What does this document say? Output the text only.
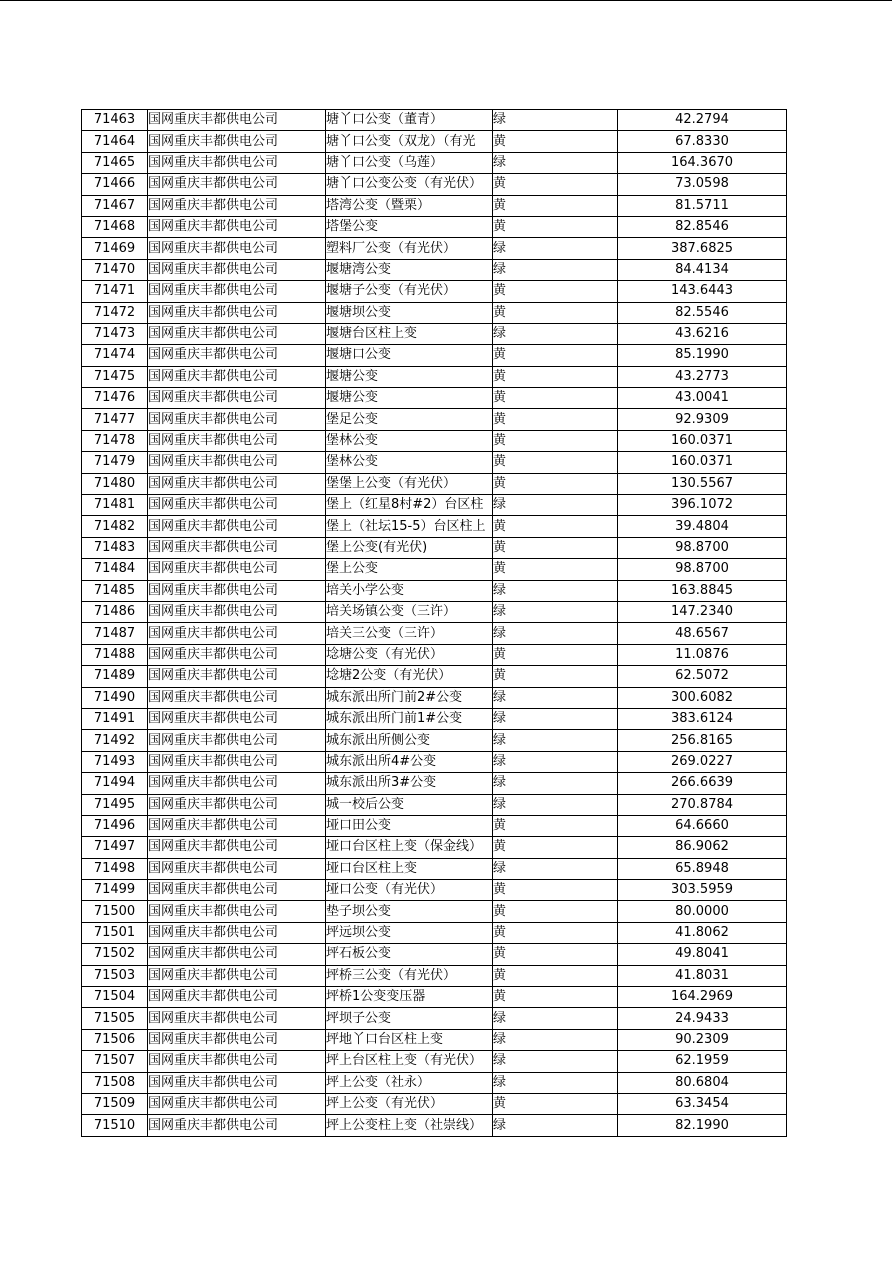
71463	国网重庆丰都供电公司	塘丫口公变（董青）	绿	42.2794
71464	国网重庆丰都供电公司	塘丫口公变（双龙）（有光	黄	67.8330
71465	国网重庆丰都供电公司	塘丫口公变（乌莲）	绿	164.3670
71466	国网重庆丰都供电公司	塘丫口公变公变（有光伏）	黄	73.0598
71467	国网重庆丰都供电公司	塔湾公变（暨栗）	黄	81.5711
71468	国网重庆丰都供电公司	塔堡公变	黄	82.8546
71469	国网重庆丰都供电公司	塑料厂公变（有光伏）	绿	387.6825
71470	国网重庆丰都供电公司	堰塘湾公变	绿	84.4134
71471	国网重庆丰都供电公司	堰塘子公变（有光伏）	黄	143.6443
71472	国网重庆丰都供电公司	堰塘坝公变	黄	82.5546
71473	国网重庆丰都供电公司	堰塘台区柱上变	绿	43.6216
71474	国网重庆丰都供电公司	堰塘口公变	黄	85.1990
71475	国网重庆丰都供电公司	堰塘公变	黄	43.2773
71476	国网重庆丰都供电公司	堰塘公变	黄	43.0041
71477	国网重庆丰都供电公司	堡足公变	黄	92.9309
71478	国网重庆丰都供电公司	堡林公变	黄	160.0371
71479	国网重庆丰都供电公司	堡林公变	黄	160.0371
71480	国网重庆丰都供电公司	堡堡上公变（有光伏）	黄	130.5567
71481	国网重庆丰都供电公司	堡上（红星8村#2）台区柱	绿	396.1072
71482	国网重庆丰都供电公司	堡上（社坛15-5）台区柱上	黄	39.4804
71483	国网重庆丰都供电公司	堡上公变(有光伏)	黄	98.8700
71484	国网重庆丰都供电公司	堡上公变	黄	98.8700
71485	国网重庆丰都供电公司	培关小学公变	绿	163.8845
71486	国网重庆丰都供电公司	培关场镇公变（三许）	绿	147.2340
71487	国网重庆丰都供电公司	培关三公变（三许）	绿	48.6567
71488	国网重庆丰都供电公司	埝塘公变（有光伏）	黄	11.0876
71489	国网重庆丰都供电公司	埝塘2公变（有光伏）	黄	62.5072
71490	国网重庆丰都供电公司	城东派出所门前2#公变	绿	300.6082
71491	国网重庆丰都供电公司	城东派出所门前1#公变	绿	383.6124
71492	国网重庆丰都供电公司	城东派出所侧公变	绿	256.8165
71493	国网重庆丰都供电公司	城东派出所4#公变	绿	269.0227
71494	国网重庆丰都供电公司	城东派出所3#公变	绿	266.6639
71495	国网重庆丰都供电公司	城一校后公变	绿	270.8784
71496	国网重庆丰都供电公司	垭口田公变	黄	64.6660
71497	国网重庆丰都供电公司	垭口台区柱上变（保金线）	黄	86.9062
71498	国网重庆丰都供电公司	垭口台区柱上变	绿	65.8948
71499	国网重庆丰都供电公司	垭口公变（有光伏）	黄	303.5959
71500	国网重庆丰都供电公司	垫子坝公变	黄	80.0000
71501	国网重庆丰都供电公司	坪远坝公变	黄	41.8062
71502	国网重庆丰都供电公司	坪石板公变	黄	49.8041
71503	国网重庆丰都供电公司	坪桥三公变（有光伏）	黄	41.8031
71504	国网重庆丰都供电公司	坪桥1公变变压器	黄	164.2969
71505	国网重庆丰都供电公司	坪坝子公变	绿	24.9433
71506	国网重庆丰都供电公司	坪地丫口台区柱上变	绿	90.2309
71507	国网重庆丰都供电公司	坪上台区柱上变（有光伏）	绿	62.1959
71508	国网重庆丰都供电公司	坪上公变（社永）	绿	80.6804
71509	国网重庆丰都供电公司	坪上公变（有光伏）	黄	63.3454
71510	国网重庆丰都供电公司	坪上公变柱上变（社崇线）	绿	82.1990
